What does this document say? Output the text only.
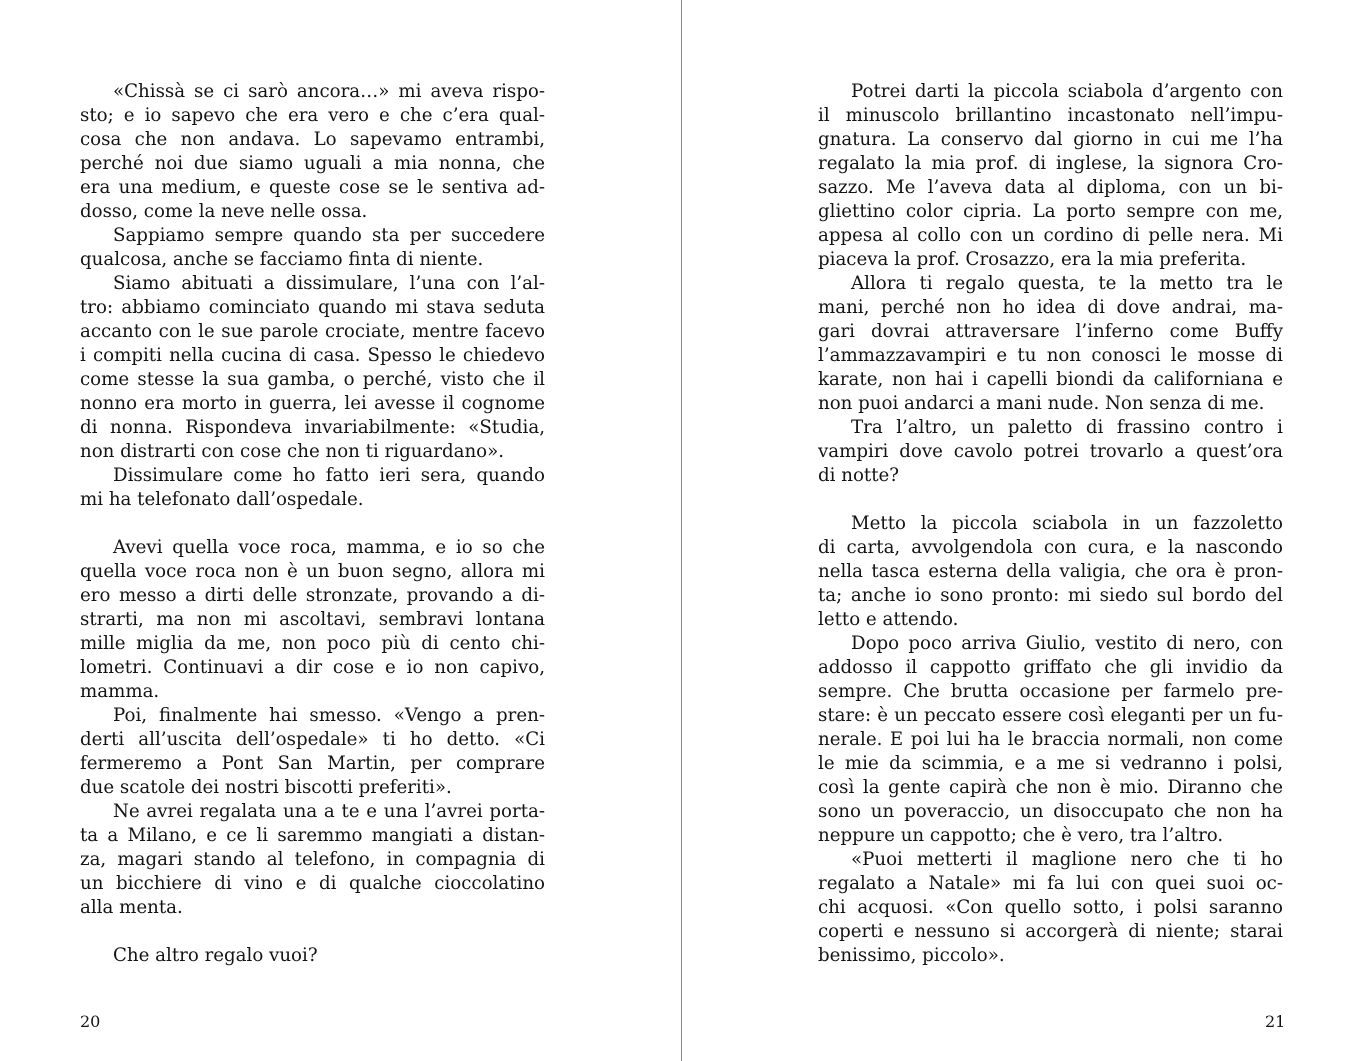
«Chissà se ci sarò ancora…» mi aveva rispo-
sto; e io sapevo che era vero e che c’era qual-
cosa che non andava. Lo sapevamo entrambi,
perché noi due siamo uguali a mia nonna, che
era una medium, e queste cose se le sentiva ad-
dosso, come la neve nelle ossa.
Sappiamo sempre quando sta per succedere
qualcosa, anche se facciamo finta di niente.
Siamo abituati a dissimulare, l’una con l’al-
tro: abbiamo cominciato quando mi stava seduta
accanto con le sue parole crociate, mentre facevo
i compiti nella cucina di casa. Spesso le chiedevo
come stesse la sua gamba, o perché, visto che il
nonno era morto in guerra, lei avesse il cognome
di nonna. Rispondeva invariabilmente: «Studia,
non distrarti con cose che non ti riguardano».
Dissimulare come ho fatto ieri sera, quando
mi ha telefonato dall’ospedale.
Avevi quella voce roca, mamma, e io so che
quella voce roca non è un buon segno, allora mi
ero messo a dirti delle stronzate, provando a di-
strarti, ma non mi ascoltavi, sembravi lontana
mille miglia da me, non poco più di cento chi-
lometri. Continuavi a dir cose e io non capivo,
mamma.
Poi, finalmente hai smesso. «Vengo a pren-
derti all’uscita dell’ospedale» ti ho detto. «Ci
fermeremo a Pont San Martin, per comprare
due scatole dei nostri biscotti preferiti».
Ne avrei regalata una a te e una l’avrei porta-
ta a Milano, e ce li saremmo mangiati a distan-
za, magari stando al telefono, in compagnia di
un bicchiere di vino e di qualche cioccolatino
alla menta.
Che altro regalo vuoi?
20
Potrei darti la piccola sciabola d’argento con
il minuscolo brillantino incastonato nell’impu-
gnatura. La conservo dal giorno in cui me l’ha
regalato la mia prof. di inglese, la signora Cro-
sazzo. Me l’aveva data al diploma, con un bi-
gliettino color cipria. La porto sempre con me,
appesa al collo con un cordino di pelle nera. Mi
piaceva la prof. Crosazzo, era la mia preferita.
Allora ti regalo questa, te la metto tra le
mani, perché non ho idea di dove andrai, ma-
gari dovrai attraversare l’inferno come Buffy
l’ammazzavampiri e tu non conosci le mosse di
karate, non hai i capelli biondi da californiana e
non puoi andarci a mani nude. Non senza di me.
Tra l’altro, un paletto di frassino contro i
vampiri dove cavolo potrei trovarlo a quest’ora
di notte?
Metto la piccola sciabola in un fazzoletto
di carta, avvolgendola con cura, e la nascondo
nella tasca esterna della valigia, che ora è pron-
ta; anche io sono pronto: mi siedo sul bordo del
letto e attendo.
Dopo poco arriva Giulio, vestito di nero, con
addosso il cappotto griffato che gli invidio da
sempre. Che brutta occasione per farmelo pre-
stare: è un peccato essere così eleganti per un fu-
nerale. E poi lui ha le braccia normali, non come
le mie da scimmia, e a me si vedranno i polsi,
così la gente capirà che non è mio. Diranno che
sono un poveraccio, un disoccupato che non ha
neppure un cappotto; che è vero, tra l’altro.
«Puoi metterti il maglione nero che ti ho
regalato a Natale» mi fa lui con quei suoi oc-
chi acquosi. «Con quello sotto, i polsi saranno
coperti e nessuno si accorgerà di niente; starai
benissimo, piccolo».
21
